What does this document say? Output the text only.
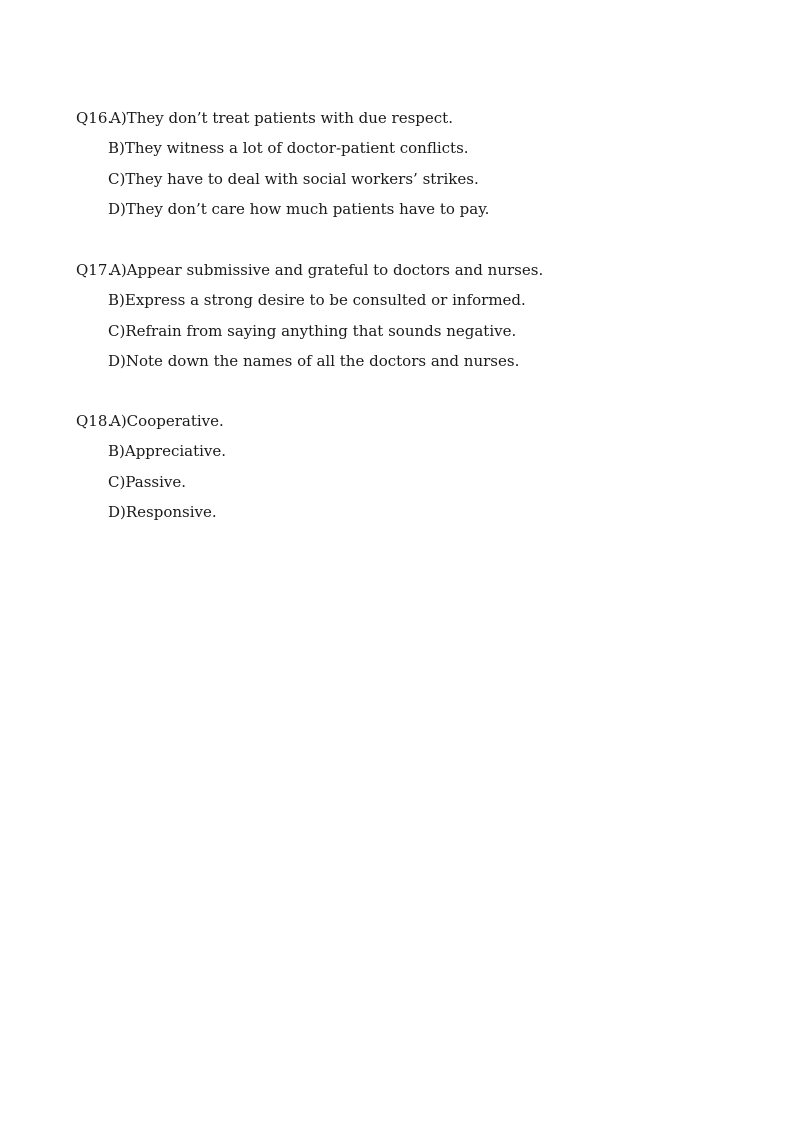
Q16.
A)They don’t treat patients with due respect.
B)They witness a lot of doctor-patient conflicts.
C)They have to deal with social workers’ strikes.
D)They don’t care how much patients have to pay.
Q17.
A)Appear submissive and grateful to doctors and nurses.
B)Express a strong desire to be consulted or informed.
C)Refrain from saying anything that sounds negative.
D)Note down the names of all the doctors and nurses.
Q18.
A)Cooperative.
B)Appreciative.
C)Passive.
D)Responsive.
